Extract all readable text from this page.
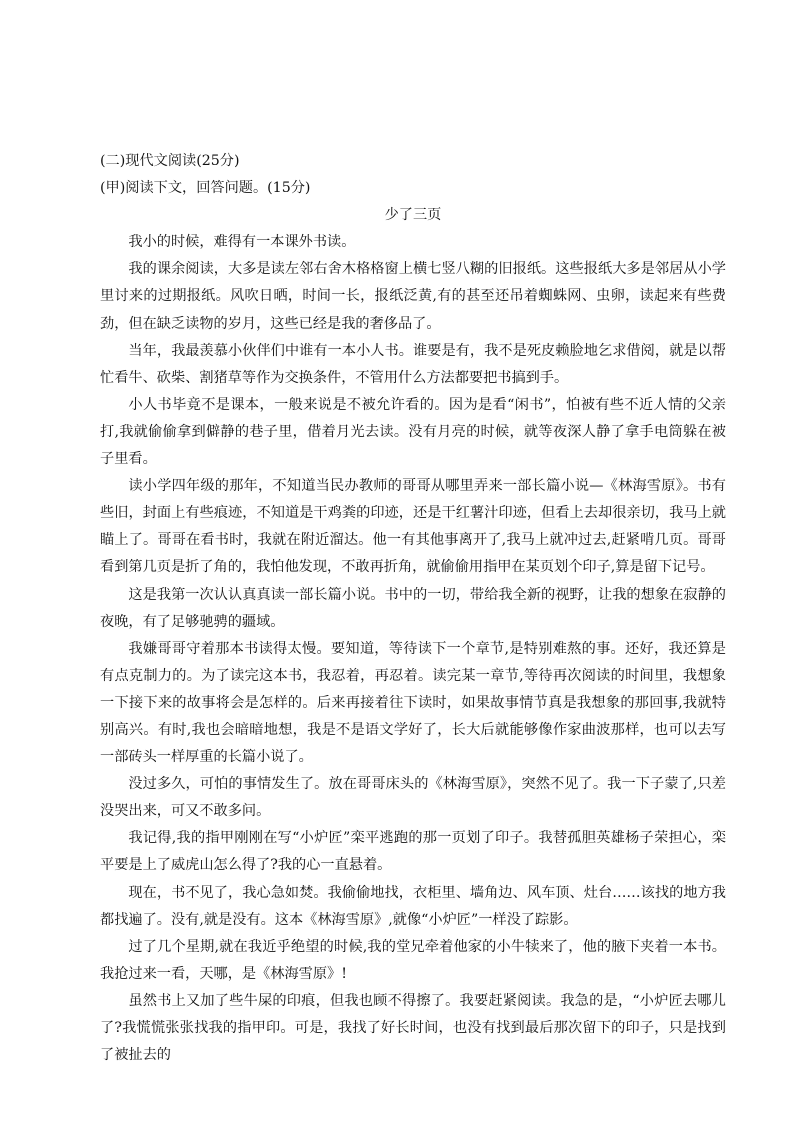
(二)现代文阅读(25分)

(甲)阅读下文，回答问题。(15分)

少了三页

我小的时候，难得有一本课外书读。

我的课余阅读，大多是读左邻右舍木格格窗上横七竖八糊的旧报纸。这些报纸大多是邻居从小学里讨来的过期报纸。风吹日晒，时间一长，报纸泛黄,有的甚至还吊着蜘蛛网、虫卵，读起来有些费劲，但在缺乏读物的岁月，这些已经是我的奢侈品了。

当年，我最羡慕小伙伴们中谁有一本小人书。谁要是有，我不是死皮赖脸地乞求借阅，就是以帮忙看牛、砍柴、割猪草等作为交换条件，不管用什么方法都要把书搞到手。

小人书毕竟不是课本，一般来说是不被允许看的。因为是看“闲书”，怕被有些不近人情的父亲打,我就偷偷拿到僻静的巷子里，借着月光去读。没有月亮的时候，就等夜深人静了拿手电筒躲在被子里看。

读小学四年级的那年，不知道当民办教师的哥哥从哪里弄来一部长篇小说—《林海雪原》。书有些旧，封面上有些痕迹，不知道是干鸡粪的印迹，还是干红薯汁印迹，但看上去却很亲切，我马上就瞄上了。哥哥在看书时，我就在附近溜达。他一有其他事离开了,我马上就冲过去,赶紧啃几页。哥哥看到第几页是折了角的，我怕他发现，不敢再折角，就偷偷用指甲在某页划个印子,算是留下记号。

这是我第一次认认真真读一部长篇小说。书中的一切，带给我全新的视野，让我的想象在寂静的夜晚，有了足够驰骋的疆域。

我嫌哥哥守着那本书读得太慢。要知道，等待读下一个章节,是特别难熬的事。还好，我还算是有点克制力的。为了读完这本书，我忍着，再忍着。读完某一章节,等待再次阅读的时间里，我想象一下接下来的故事将会是怎样的。后来再接着往下读时，如果故事情节真是我想象的那回事,我就特别高兴。有时,我也会暗暗地想，我是不是语文学好了，长大后就能够像作家曲波那样，也可以去写一部砖头一样厚重的长篇小说了。

没过多久，可怕的事情发生了。放在哥哥床头的《林海雪原》，突然不见了。我一下子蒙了,只差没哭出来，可又不敢多问。

我记得,我的指甲刚刚在写“小炉匠”栾平逃跑的那一页划了印子。我替孤胆英雄杨子荣担心，栾平要是上了威虎山怎么得了?我的心一直悬着。

现在，书不见了，我心急如焚。我偷偷地找，衣柜里、墙角边、风车顶、灶台……该找的地方我都找遍了。没有,就是没有。这本《林海雪原》,就像“小炉匠”一样没了踪影。

过了几个星期,就在我近乎绝望的时候,我的堂兄牵着他家的小牛犊来了，他的腋下夹着一本书。我抢过来一看，天哪，是《林海雪原》!

虽然书上又加了些牛屎的印痕，但我也顾不得擦了。我要赶紧阅读。我急的是，“小炉匠去哪儿了?我慌慌张张找我的指甲印。可是，我找了好长时间，也没有找到最后那次留下的印子，只是找到了被扯去的
